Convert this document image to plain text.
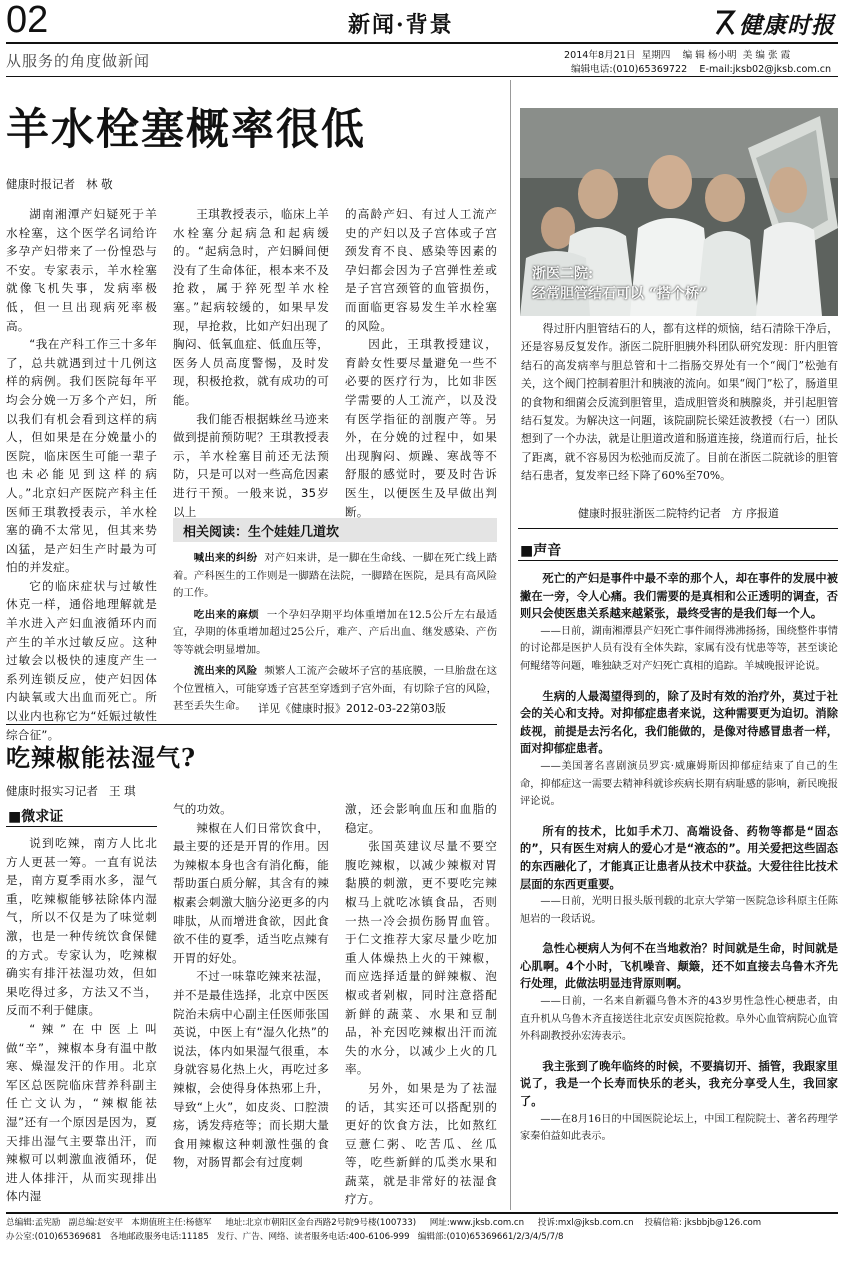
02	新闻·背景	健康时报
从服务的角度做新闻	2014年8月21日  星期四    编 辑 杨小明  美 编 张 霞
编辑电话:(010)65369722    E-mail:jksb02@jksb.com.cn
羊水栓塞概率很低
健康时报记者   林 敬

湖南湘潭产妇疑死于羊水栓塞，这个医学名词给许多孕产妇带来了一份惶恐与不安。专家表示，羊水栓塞就像飞机失事，发病率极低，但一旦出现病死率极高。

“我在产科工作三十多年了，总共就遇到过十几例这样的病例。我们医院每年平均会分娩一万多个产妇，所以我们有机会看到这样的病人，但如果是在分娩量小的医院，临床医生可能一辈子也未必能见到这样的病人。”北京妇产医院产科主任医师王琪教授表示，羊水栓塞的确不太常见，但其来势凶猛，是产妇生产时最为可怕的并发症。

它的临床症状与过敏性休克一样，通俗地理解就是羊水进入产妇血液循环内而产生的羊水过敏反应。这种过敏会以极快的速度产生一系列连锁反应，使产妇因体内缺氧或大出血而死亡。所以业内也称它为“妊娠过敏性综合征”。

王琪教授表示，临床上羊水栓塞分起病急和起病缓的。“起病急时，产妇瞬间便没有了生命体征，根本来不及抢救，属于猝死型羊水栓塞。”起病较缓的，如果早发现，早抢救，比如产妇出现了胸闷、低氧血症、低血压等，医务人员高度警惕，及时发现，积极抢救，就有成功的可能。

我们能否根据蛛丝马迹来做到提前预防呢？王琪教授表示，羊水栓塞目前还无法预防，只是可以对一些高危因素进行干预。一般来说，35岁以上

的高龄产妇、有过人工流产史的产妇以及子宫体或子宫颈发育不良、感染等因素的孕妇都会因为子宫弹性差或是子宫宫颈管的血管损伤，而面临更容易发生羊水栓塞的风险。

因此，王琪教授建议，育龄女性要尽量避免一些不必要的医疗行为，比如非医学需要的人工流产，以及没有医学指征的剖腹产等。另外，在分娩的过程中，如果出现胸闷、烦躁、寒战等不舒服的感觉时，要及时告诉医生，以便医生及早做出判断。

相关阅读：生个娃娃几道坎
喊出来的纠纷 对产妇来讲，是一脚在生命线、一脚在死亡线上踏着。产科医生的工作则是一脚踏在法院，一脚踏在医院，是具有高风险的工作。
吃出来的麻烦 一个孕妇孕期平均体重增加在12.5公斤左右最适宜，孕期的体重增加超过25公斤，难产、产后出血、继发感染、产伤等等就会明显增加。
流出来的风险 频繁人工流产会破坏子宫的基底膜，一旦胎盘在这个位置植入，可能穿透子宫甚至穿透到子宫外面，有切除子宫的风险，甚至丢失生命。	详见《健康时报》2012-03-22第03版
吃辣椒能祛湿气?
健康时报实习记者   王 琪
■微求证

说到吃辣，南方人比北方人更甚一筹。一直有说法是，南方夏季雨水多，湿气重，吃辣椒能够祛除体内湿气，所以不仅是为了味觉刺激，也是一种传统饮食保健的方式。专家认为，吃辣椒确实有排汗祛湿功效，但如果吃得过多，方法又不当，反而不利于健康。

“辣”在中医上叫做“辛”，辣椒本身有温中散寒、燥湿发汗的作用。北京军区总医院临床营养科副主任亡文认为，“辣椒能祛湿”还有一个原因是因为，夏天排出湿气主要靠出汗，而辣椒可以刺激血液循环，促进人体排汗，从而实现排出体内湿

气的功效。

辣椒在人们日常饮食中，最主要的还是开胃的作用。因为辣椒本身也含有消化酶，能帮助蛋白质分解，其含有的辣椒素会刺激大脑分泌更多的内啡肽，从而增进食欲，因此食欲不佳的夏季，适当吃点辣有开胃的好处。

不过一味靠吃辣来祛湿，并不是最佳选择，北京中医医院治未病中心副主任医师张国英说，中医上有“湿久化热”的说法，体内如果湿气很重，本身就容易化热上火，再吃过多辣椒，会使得身体热邪上升，导致“上火”，如皮炎、口腔溃疡，诱发痔疮等；而长期大量食用辣椒这种刺激性强的食物，对肠胃都会有过度刺

激，还会影响血压和血脂的稳定。

张国英建议尽量不要空腹吃辣椒，以减少辣椒对胃黏膜的刺激，更不要吃完辣椒马上就吃冰镇食品，否则一热一冷会损伤肠胃血管。于仁文推荐大家尽量少吃加重人体燥热上火的干辣椒，而应选择适量的鲜辣椒、泡椒或者剁椒，同时注意搭配新鲜的蔬菜、水果和豆制品，补充因吃辣椒出汗而流失的水分，以减少上火的几率。

另外，如果是为了祛湿的话，其实还可以搭配别的更好的饮食方法，比如熬红豆薏仁粥、吃苦瓜、丝瓜等，吃些新鲜的瓜类水果和蔬菜，就是非常好的祛湿食疗方。

浙医二院:
经常胆管结石可以 “搭个桥”

得过肝内胆管结石的人，都有这样的烦恼，结石清除干净后，还是容易反复发作。浙医二院肝胆胰外科团队研究发现：肝内胆管结石的高发病率与胆总管和十二指肠交界处有一个“阀门”松弛有关，这个阀门控制着胆汁和胰液的流向。如果“阀门”松了，肠道里的食物和细菌会反流到胆管里，造成胆管炎和胰腺炎，并引起胆管结石复发。为解决这一问题，该院副院长梁廷波教授（右一）团队想到了一个办法，就是让胆道改道和肠道连接，绕道而行后，扯长了距离，就不容易因为松弛而反流了。目前在浙医二院就诊的胆管结石患者，复发率已经下降了60%至70%。

健康时报驻浙医二院特约记者   方 序报道
■声音

死亡的产妇是事件中最不幸的那个人，却在事件的发展中被撇在一旁，令人心痛。我们需要的是真相和公正透明的调查，否则只会使医患关系越来越紧张，最终受害的是我们每一个人。

——日前，湖南湘潭县产妇死亡事件闹得沸沸扬扬，围绕整件事情的讨论都是医护人员有没有全体失踪，家属有没有忧患等等，甚至谈论何鲲绪等问题，唯独缺乏对产妇死亡真相的追踪。羊城晚报评论说。

生病的人最渴望得到的，除了及时有效的治疗外，莫过于社会的关心和支持。对抑郁症患者来说，这种需要更为迫切。消除歧视，前提是去污名化，我们能做的，是像对待感冒患者一样，面对抑郁症患者。

——美国著名喜剧演员罗宾·威廉姆斯因抑郁症结束了自己的生命，抑郁症这一需要去精神科就诊疾病长期有病耻感的影响，新民晚报评论说。

所有的技术，比如手术刀、高端设备、药物等都是“固态的”，只有医生对病人的爱心才是“液态的”。用关爱把这些固态的东西融化了，才能真正让患者从技术中获益。大爱往往比技术层面的东西更重要。

——日前，光明日报头版刊载的北京大学第一医院急诊科原主任陈旭岩的一段话说。

急性心梗病人为何不在当地救治？时间就是生命，时间就是心肌啊。4个小时，飞机噪音、颠簸，还不如直接去乌鲁木齐先行处理，此做法明显违背原则啊。

——日前，一名来自新疆乌鲁木齐的43岁男性急性心梗患者，由直升机从乌鲁木齐直接送往北京安贞医院抢救。阜外心血管病院心血管外科副教授孙宏涛表示。

我主张到了晚年临终的时候，不要搞切开、插管，我跟家里说了，我是一个长寿而快乐的老头，我充分享受人生，我回家了。

——在8月16日的中国医院论坛上，中国工程院院士、著名药理学家秦伯益如此表示。

总编辑:孟宪励   副总编:赵安平   本期值班主任:杨德军     地址:北京市朝阳区金台西路2号院9号楼(100733)     网址:www.jksb.com.cn     投诉:mxl@jksb.com.cn    投稿信箱: jksbbjb@126.com
办公室:(010)65369681   各地邮政服务电话:11185   发行、广告、网络、读者服务电话:400-6106-999   编辑部:(010)65369661/2/3/4/5/7/8
